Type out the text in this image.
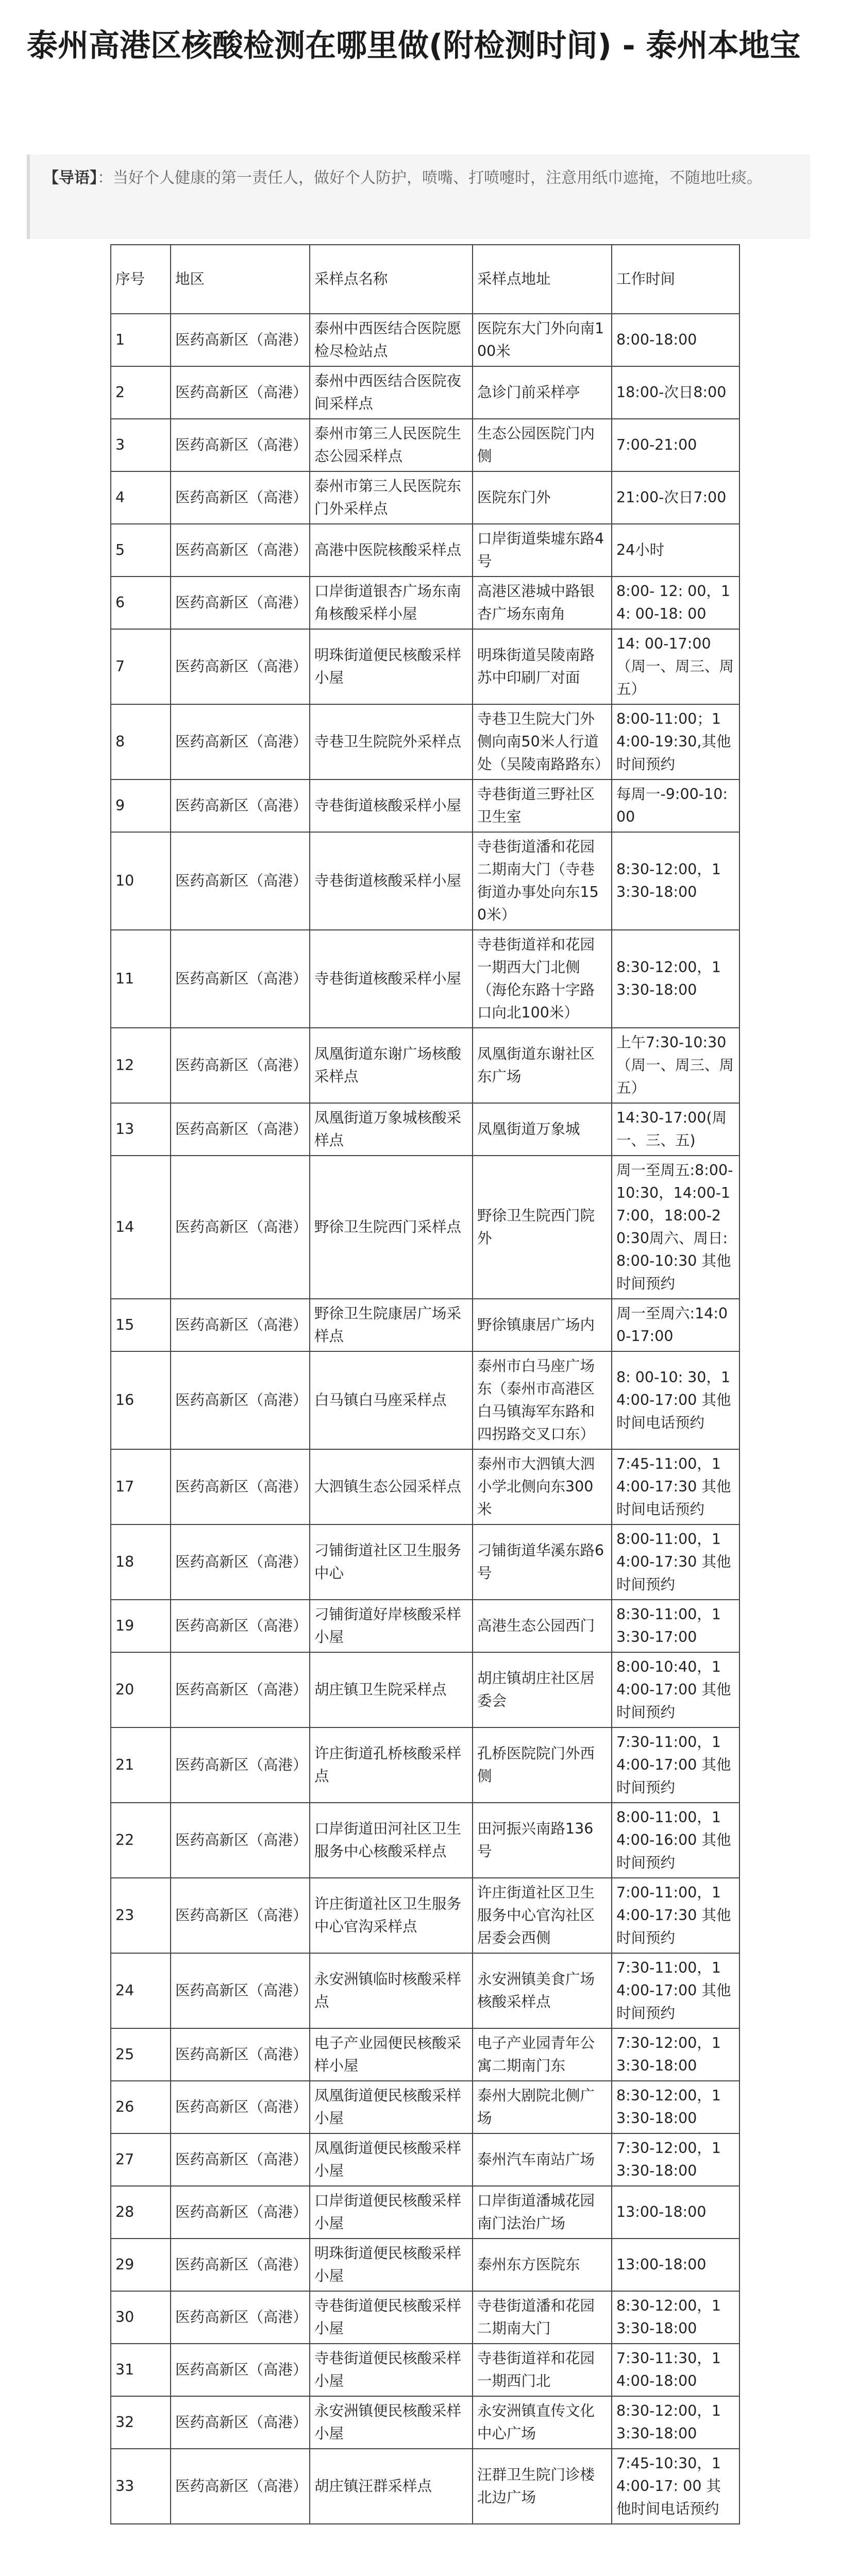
泰州高港区核酸检测在哪里做(附检测时间) - 泰州本地宝
【导语】：当好个人健康的第一责任人，做好个人防护，喷嘴、打喷嚏时，注意用纸巾遮掩，不随地吐痰。
序号	地区	采样点名称	采样点地址	工作时间
1	医药高新区（高港）	泰州中西医结合医院愿检尽检站点	医院东大门外向南100米	8:00-18:00
2	医药高新区（高港）	泰州中西医结合医院夜间采样点	急诊门前采样亭	18:00-次日8:00
3	医药高新区（高港）	泰州市第三人民医院生态公园采样点	生态公园医院门内侧	7:00-21:00
4	医药高新区（高港）	泰州市第三人民医院东门外采样点	医院东门外	21:00-次日7:00
5	医药高新区（高港）	高港中医院核酸采样点	口岸街道柴墟东路4号	24小时
6	医药高新区（高港）	口岸街道银杏广场东南角核酸采样小屋	高港区港城中路银杏广场东南角	8:00- 12: 00，14: 00-18: 00
7	医药高新区（高港）	明珠街道便民核酸采样小屋	明珠街道吴陵南路苏中印刷厂对面	14: 00-17:00（周一、周三、周五）
8	医药高新区（高港）	寺巷卫生院院外采样点	寺巷卫生院大门外侧向南50米人行道处（吴陵南路路东）	8:00-11:00；14:00-19:30,其他时间预约
9	医药高新区（高港）	寺巷街道核酸采样小屋	寺巷街道三野社区卫生室	每周一-9:00-10:00
10	医药高新区（高港）	寺巷街道核酸采样小屋	寺巷街道潘和花园二期南大门（寺巷街道办事处向东150米）	8:30-12:00，13:30-18:00
11	医药高新区（高港）	寺巷街道核酸采样小屋	寺巷街道祥和花园一期西大门北侧（海伦东路十字路口向北100米）	8:30-12:00，13:30-18:00
12	医药高新区（高港）	凤凰街道东谢广场核酸采样点	凤凰街道东谢社区东广场	上午7:30-10:30（周一、周三、周五）
13	医药高新区（高港）	凤凰街道万象城核酸采样点	凤凰街道万象城	14:30-17:00(周一、三、五)
14	医药高新区（高港）	野徐卫生院西门采样点	野徐卫生院西门院外	周一至周五:8:00-10:30，14:00-17:00，18:00-20:30周六、周日:8:00-10:30 其他时间预约
15	医药高新区（高港）	野徐卫生院康居广场采样点	野徐镇康居广场内	周一至周六:14:00-17:00
16	医药高新区（高港）	白马镇白马座采样点	泰州市白马座广场东（泰州市高港区白马镇海军东路和四拐路交叉口东）	8: 00-10: 30，14:00-17:00 其他时间电话预约
17	医药高新区（高港）	大泗镇生态公园采样点	泰州市大泗镇大泗小学北侧向东300米	7:45-11:00，14:00-17:30 其他时间电话预约
18	医药高新区（高港）	刁铺街道社区卫生服务中心	刁铺街道华溪东路6号	8:00-11:00，14:00-17:30 其他时间预约
19	医药高新区（高港）	刁铺街道好岸核酸采样小屋	高港生态公园西门	8:30-11:00，13:30-17:00
20	医药高新区（高港）	胡庄镇卫生院采样点	胡庄镇胡庄社区居委会	8:00-10:40，14:00-17:00 其他时间预约
21	医药高新区（高港）	许庄街道孔桥核酸采样点	孔桥医院院门外西侧	7:30-11:00，14:00-17:00 其他时间预约
22	医药高新区（高港）	口岸街道田河社区卫生服务中心核酸采样点	田河振兴南路136号	8:00-11:00，14:00-16:00 其他时间预约
23	医药高新区（高港）	许庄街道社区卫生服务中心官沟采样点	许庄街道社区卫生服务中心官沟社区居委会西侧	7:00-11:00，14:00-17:30 其他时间预约
24	医药高新区（高港）	永安洲镇临时核酸采样点	永安洲镇美食广场核酸采样点	7:30-11:00，14:00-17:00 其他时间预约
25	医药高新区（高港）	电子产业园便民核酸采样小屋	电子产业园青年公寓二期南门东	7:30-12:00，13:30-18:00
26	医药高新区（高港）	凤凰街道便民核酸采样小屋	泰州大剧院北侧广场	8:30-12:00，13:30-18:00
27	医药高新区（高港）	凤凰街道便民核酸采样小屋	泰州汽车南站广场	7:30-12:00，13:30-18:00
28	医药高新区（高港）	口岸街道便民核酸采样小屋	口岸街道潘城花园南门法治广场	13:00-18:00
29	医药高新区（高港）	明珠街道便民核酸采样小屋	泰州东方医院东	13:00-18:00
30	医药高新区（高港）	寺巷街道便民核酸采样小屋	寺巷街道潘和花园二期南大门	8:30-12:00，13:30-18:00
31	医药高新区（高港）	寺巷街道便民核酸采样小屋	寺巷街道祥和花园一期西门北	7:30-11:30，14:00-18:00
32	医药高新区（高港）	永安洲镇便民核酸采样小屋	永安洲镇直传文化中心广场	8:30-12:00，13:30-18:00
33	医药高新区（高港）	胡庄镇汪群采样点	汪群卫生院门诊楼北边广场	7:45-10:30，14:00-17: 00 其他时间电话预约
